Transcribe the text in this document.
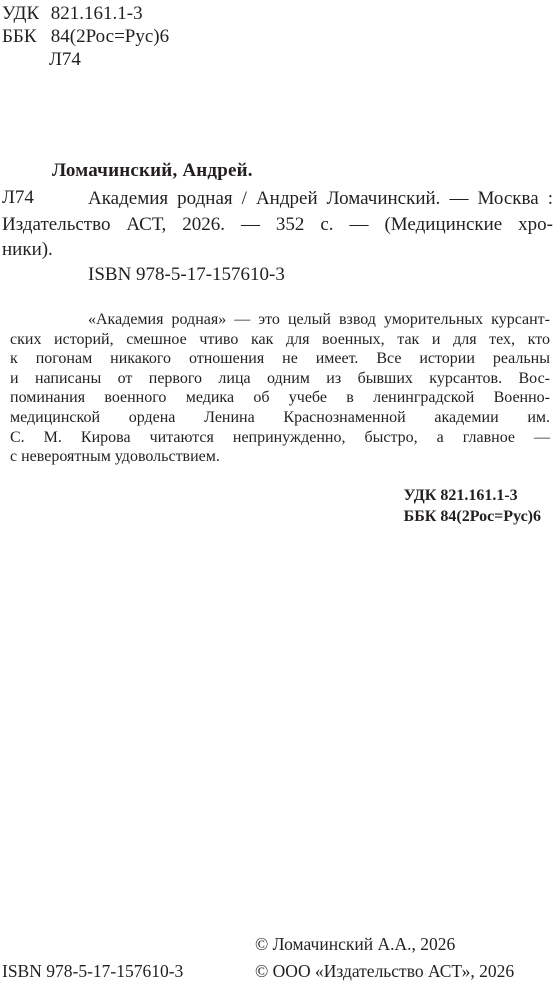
УДК 821.161.1-3
ББК 84(2Рос=Рус)6
Л74
Ломачинский, Андрей.
Л74	Академия родная / Андрей Ломачинский. — Москва :
Издательство АСТ, 2026. — 352 с. — (Медицинские хро-
ники).
ISBN 978-5-17-157610-3
«Академия родная» — это целый взвод уморительных курсант-
ских историй, смешное чтиво как для военных, так и для тех, кто
к погонам никакого отношения не имеет. Все истории реальны
и написаны от первого лица одним из бывших курсантов. Вос-
поминания военного медика об учебе в ленинградской Военно-
медицинской ордена Ленина Краснознаменной академии им.
С. М. Кирова читаются непринужденно, быстро, а главное —
с невероятным удовольствием.
УДК 821.161.1-3
ББК 84(2Рос=Рус)6
© Ломачинский А.А., 2026
ISBN 978-5-17-157610-3	© ООО «Издательство АСТ», 2026
